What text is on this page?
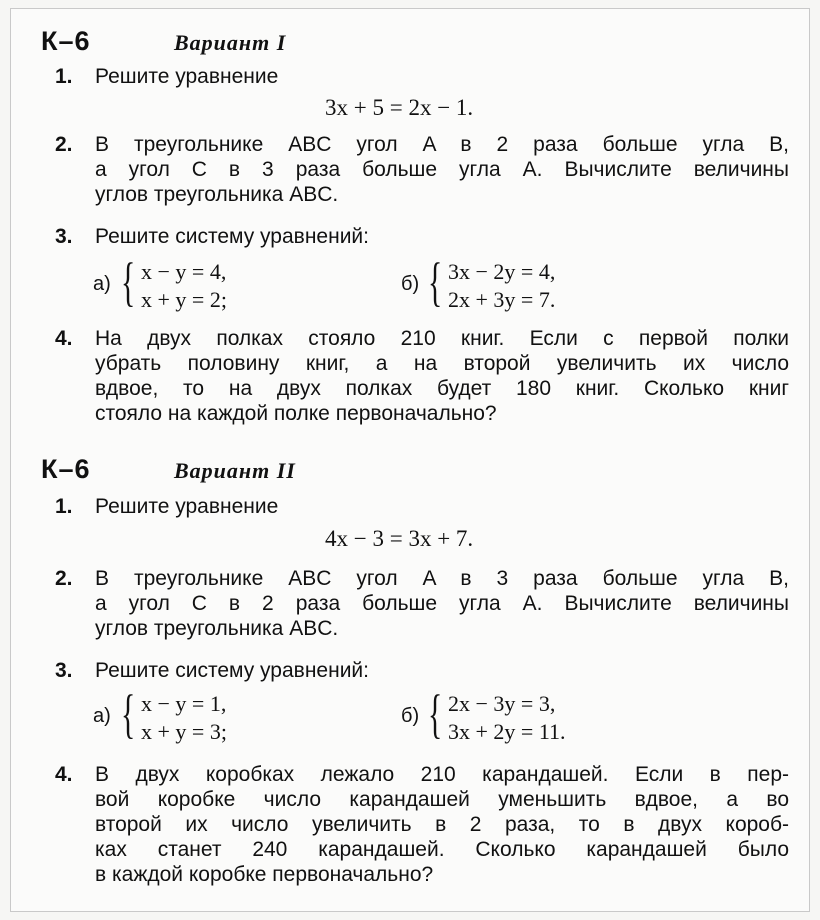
К–6	Вариант I
1. Решите уравнение
3x + 5 = 2x − 1.
2. В треугольнике ABC угол A в 2 раза больше угла B,
а угол C в 3 раза больше угла A. Вычислите величины
углов треугольника ABC.
3. Решите систему уравнений:
а) { x − y = 4,
x + y = 2;
б) { 3x − 2y = 4,
2x + 3y = 7.
4. На двух полках стояло 210 книг. Если с первой полки
убрать половину книг, а на второй увеличить их число
вдвое, то на двух полках будет 180 книг. Сколько книг
стояло на каждой полке первоначально?
К–6	Вариант II
1. Решите уравнение
4x − 3 = 3x + 7.
2. В треугольнике ABC угол A в 3 раза больше угла B,
а угол C в 2 раза больше угла A. Вычислите величины
углов треугольника ABC.
3. Решите систему уравнений:
а) { x − y = 1,
x + y = 3;
б) { 2x − 3y = 3,
3x + 2y = 11.
4. В двух коробках лежало 210 карандашей. Если в пер-
вой коробке число карандашей уменьшить вдвое, а во
второй их число увеличить в 2 раза, то в двух короб-
ках станет 240 карандашей. Сколько карандашей было
в каждой коробке первоначально?
